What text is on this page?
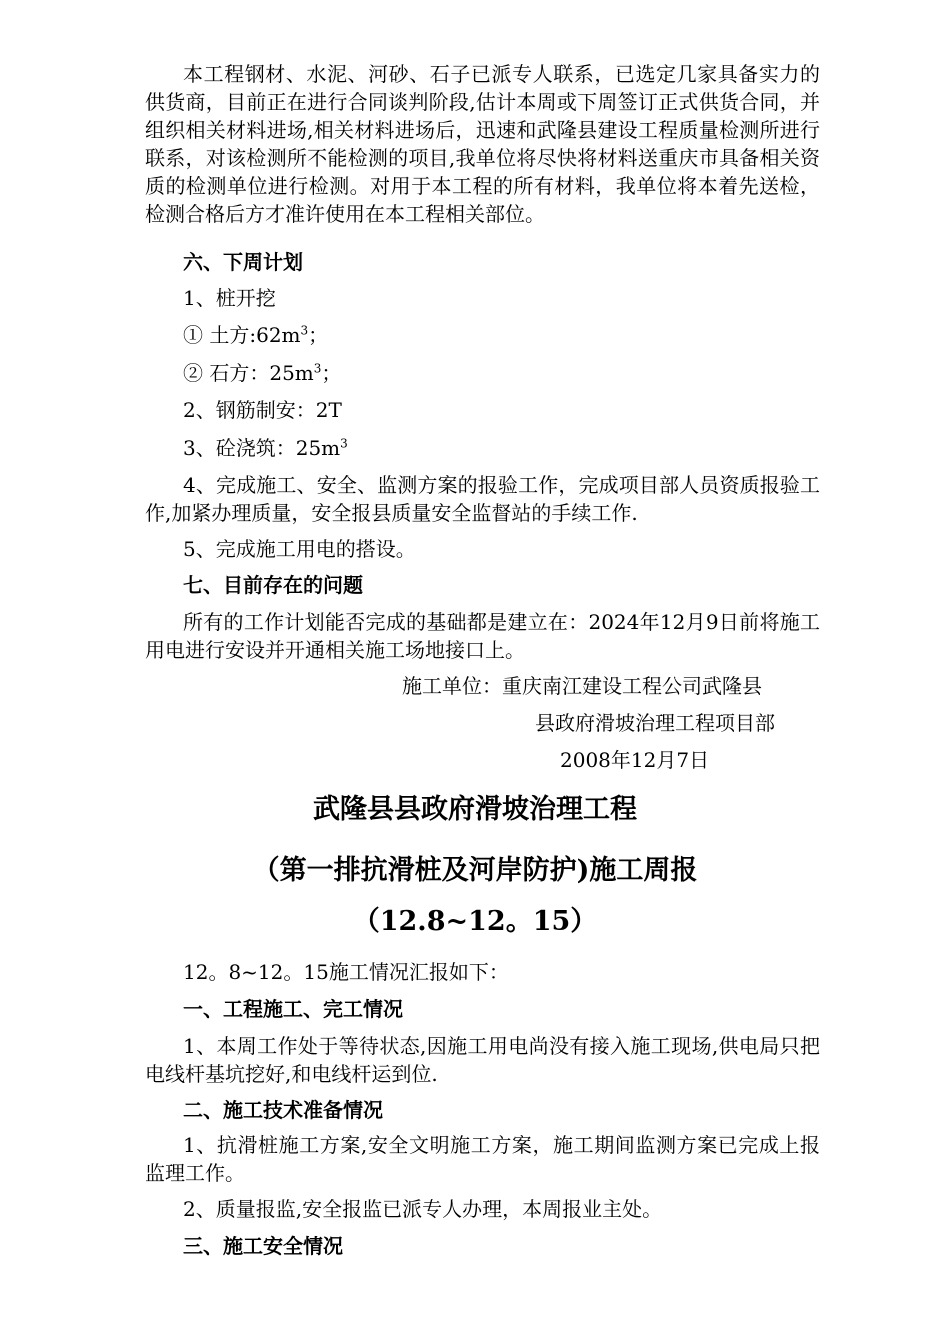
本工程钢材、水泥、河砂、石子已派专人联系，已选定几家具备实力的供货商，目前正在进行合同谈判阶段,估计本周或下周签订正式供货合同，并组织相关材料进场,相关材料进场后，迅速和武隆县建设工程质量检测所进行联系，对该检测所不能检测的项目,我单位将尽快将材料送重庆市具备相关资质的检测单位进行检测。对用于本工程的所有材料，我单位将本着先送检，检测合格后方才准许使用在本工程相关部位。

六、下周计划

1、桩开挖

① 土方$:62m^3$；

② 石方：$25m^3$；

2、钢筋制安：2T

3、砼浇筑：$25m^3$

4、完成施工、安全、监测方案的报验工作，完成项目部人员资质报验工作,加紧办理质量，安全报县质量安全监督站的手续工作.

5、完成施工用电的搭设。

七、目前存在的问题

所有的工作计划能否完成的基础都是建立在：2024年12月9日前将施工用电进行安设并开通相关施工场地接口上。

施工单位：重庆南江建设工程公司武隆县

县政府滑坡治理工程项目部

2008年12月7日

武隆县县政府滑坡治理工程
（第一排抗滑桩及河岸防护)施工周报
（12.8~12。15）

12。8~12。15施工情况汇报如下：

一、工程施工、完工情况

1、本周工作处于等待状态,因施工用电尚没有接入施工现场,供电局只把电线杆基坑挖好,和电线杆运到位.

二、施工技术准备情况

1、抗滑桩施工方案,安全文明施工方案，施工期间监测方案已完成上报监理工作。

2、质量报监,安全报监已派专人办理，本周报业主处。

三、施工安全情况
